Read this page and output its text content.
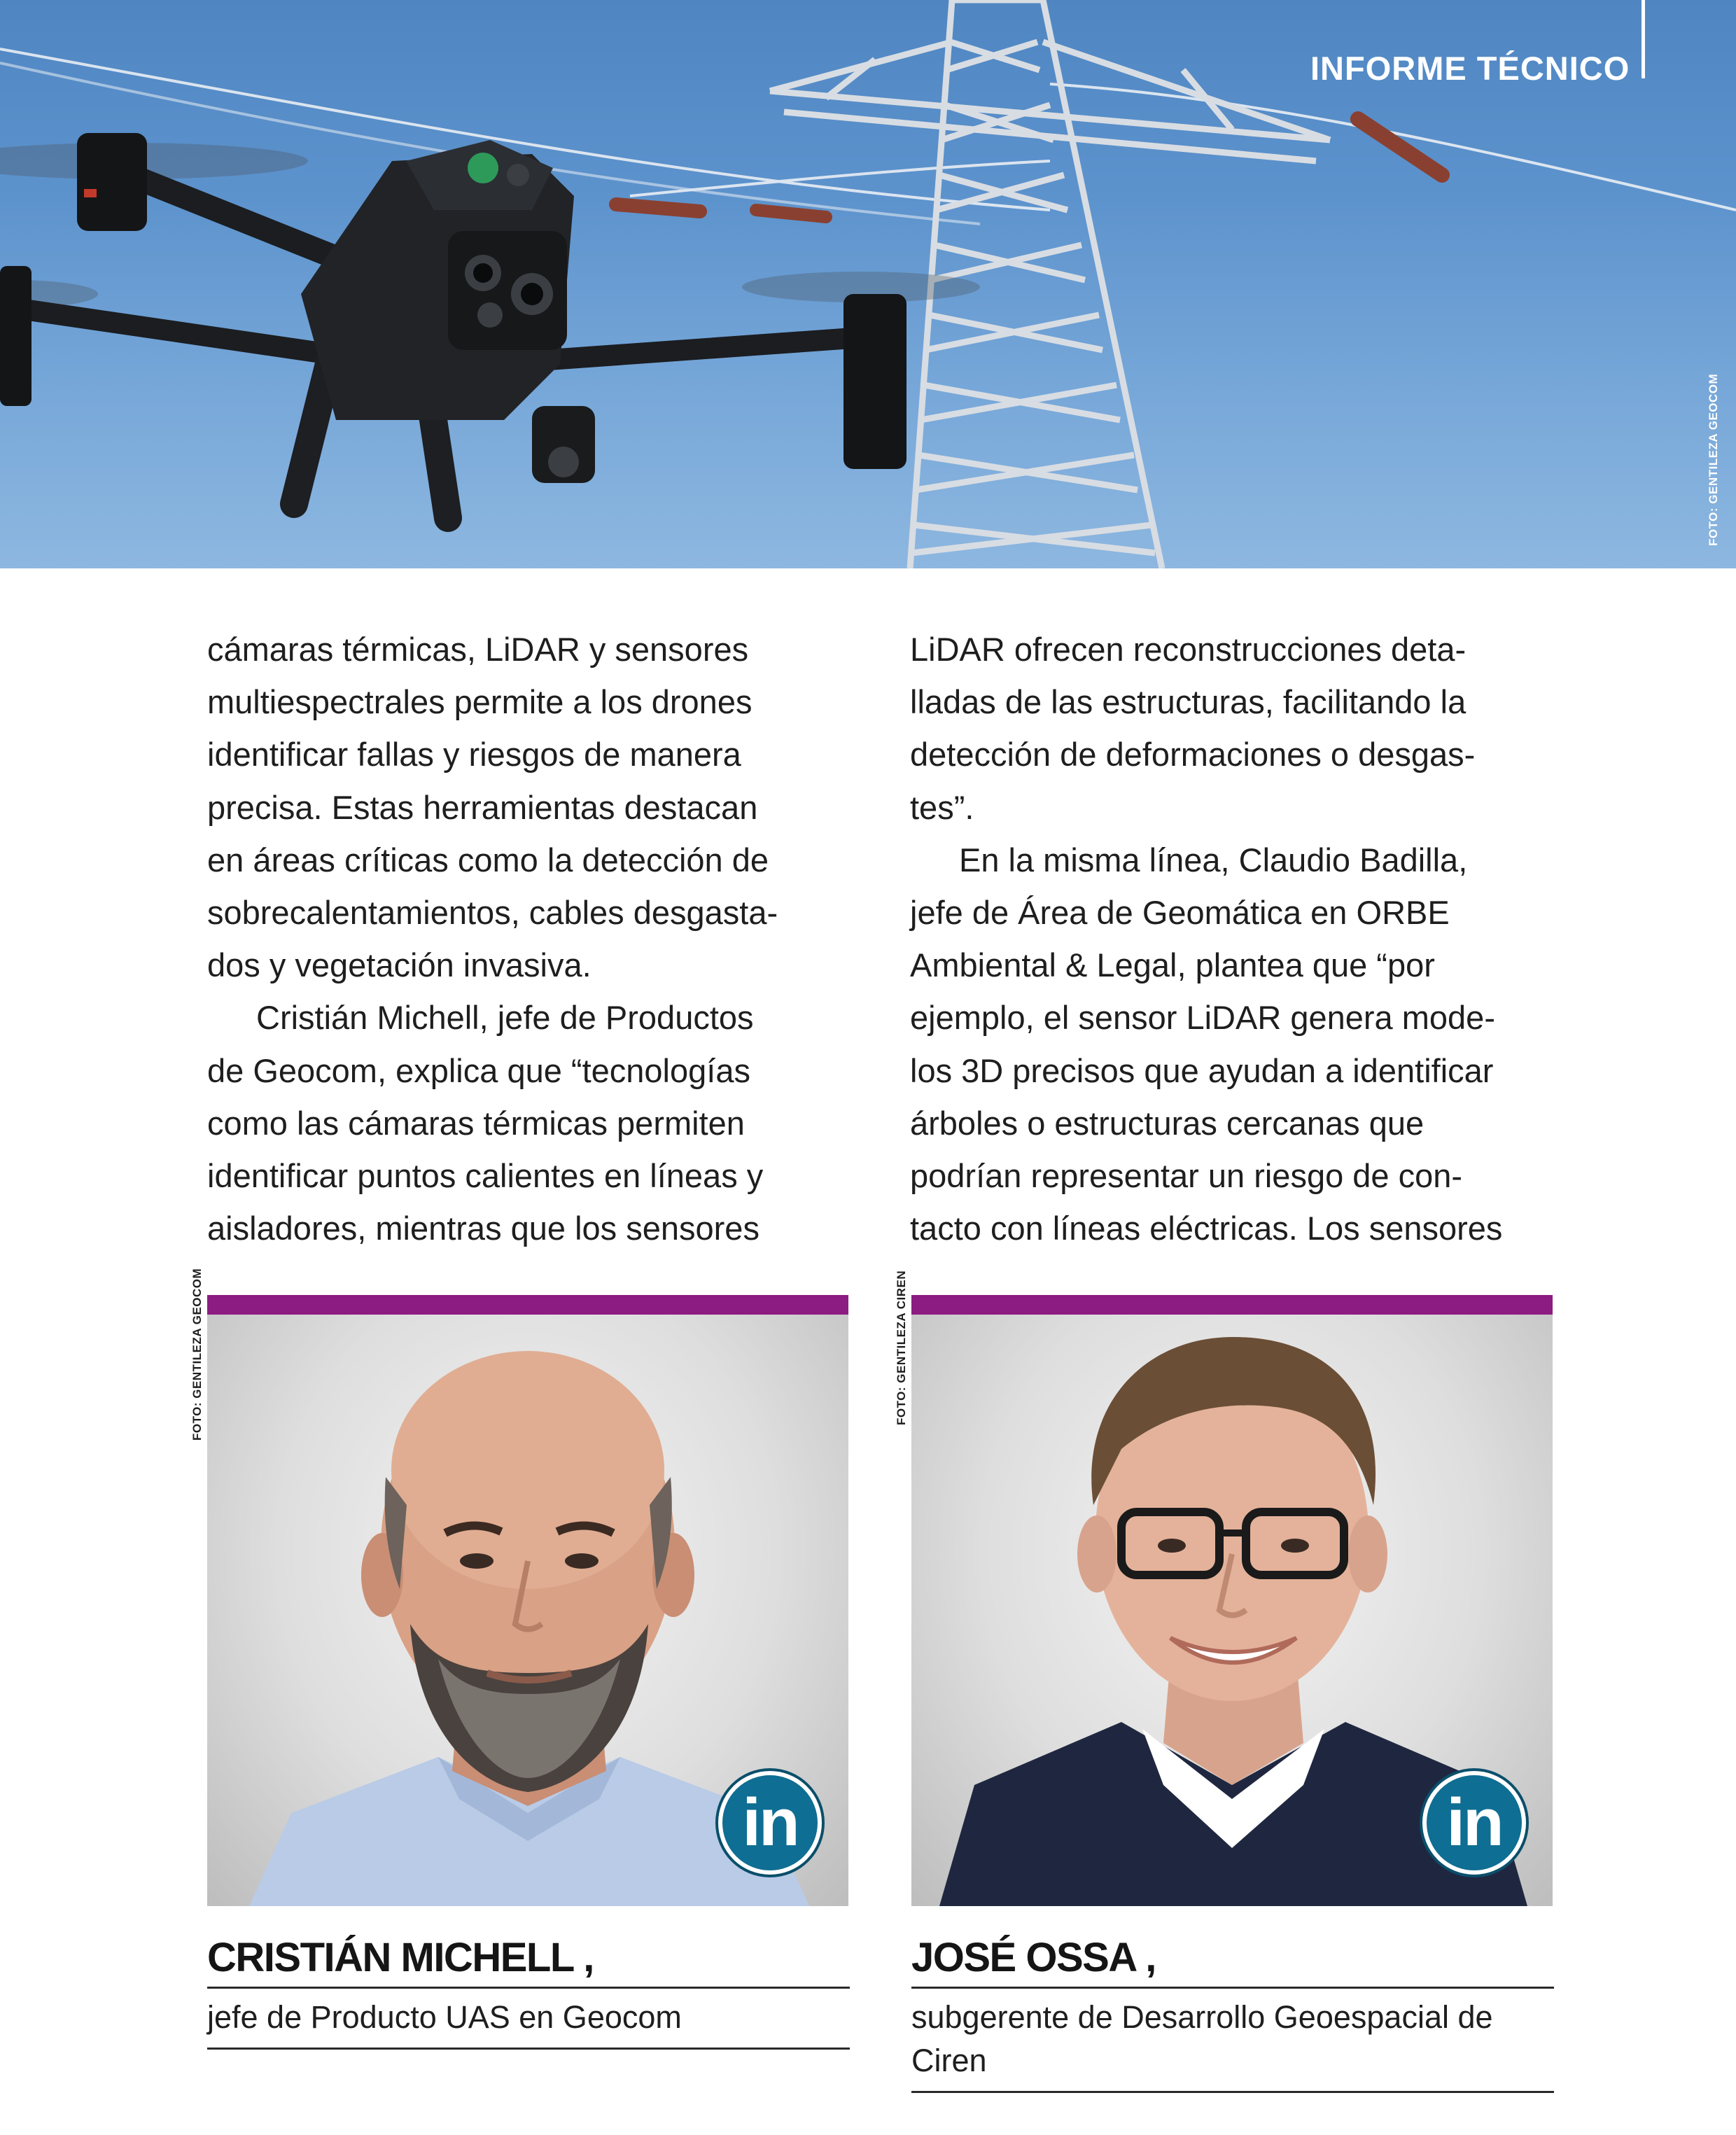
INFORME TÉCNICO
FOTO: GENTILEZA GEOCOM
cámaras térmicas, LiDAR y sensores
multiespectrales permite a los drones
identificar fallas y riesgos de manera
precisa. Estas herramientas destacan
en áreas críticas como la detección de
sobrecalentamientos, cables desgasta-
dos y vegetación invasiva.
Cristián Michell, jefe de Productos
de Geocom, explica que “tecnologías
como las cámaras térmicas permiten
identificar puntos calientes en líneas y
aisladores, mientras que los sensores
LiDAR ofrecen reconstrucciones deta-
lladas de las estructuras, facilitando la
detección de deformaciones o desgas-
tes”.
En la misma línea, Claudio Badilla,
jefe de Área de Geomática en ORBE
Ambiental & Legal, plantea que “por
ejemplo, el sensor LiDAR genera mode-
los 3D precisos que ayudan a identificar
árboles o estructuras cercanas que
podrían representar un riesgo de con-
tacto con líneas eléctricas. Los sensores
FOTO: GENTILEZA GEOCOM
in
FOTO: GENTILEZA CIREN
in
CRISTIÁN MICHELL ,
jefe de Producto UAS en Geocom
JOSÉ OSSA ,
subgerente de Desarrollo Geoespacial de Ciren
